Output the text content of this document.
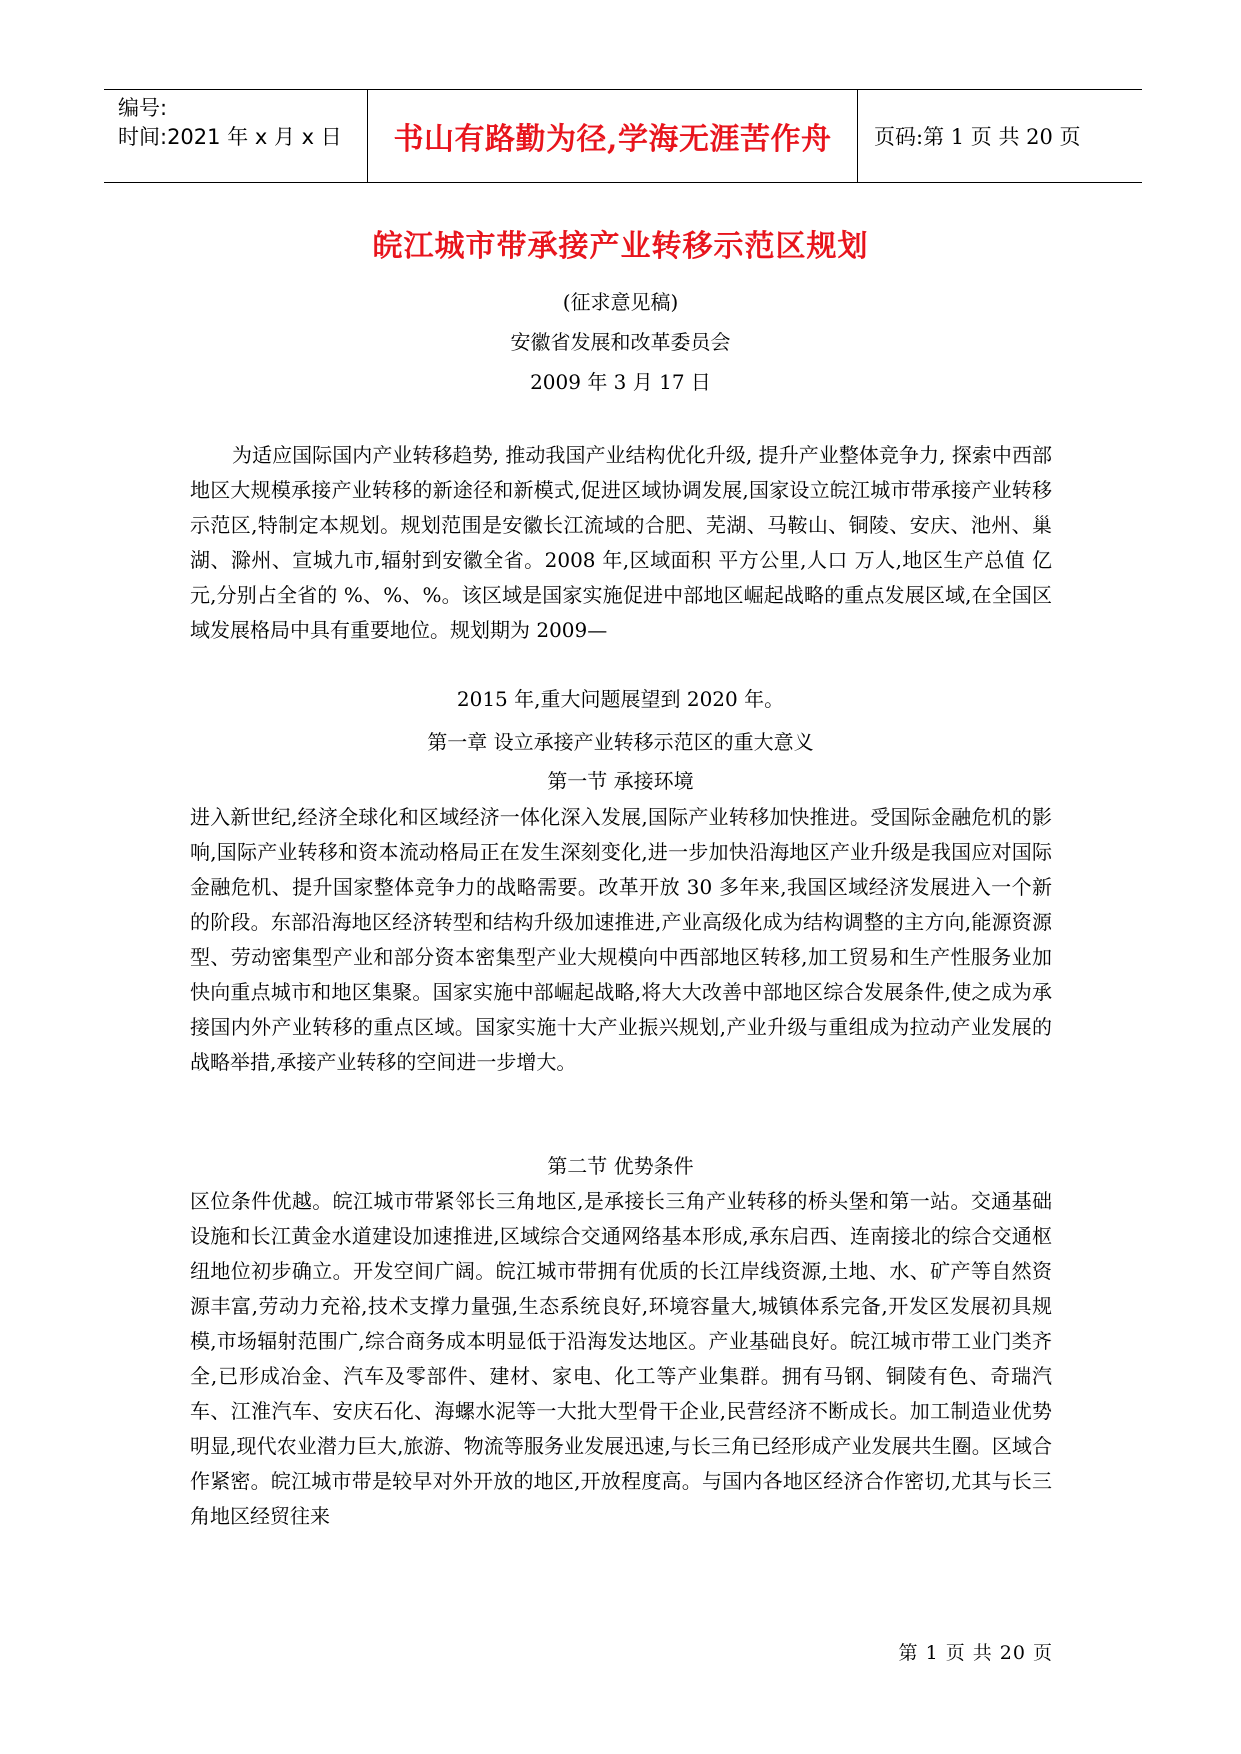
编号:
时间:2021 年 x 月 x 日	书山有路勤为径,学海无涯苦作舟 页码:第 1 页 共 20 页
皖江城市带承接产业转移示范区规划
(征求意见稿)
安徽省发展和改革委员会
2009 年 3 月 17 日

为适应国际国内产业转移趋势, 推动我国产业结构优化升级, 提升产业整体竞争力, 探索中西部地区大规模承接产业转移的新途径和新模式,促进区域协调发展,国家设立皖江城市带承接产业转移示范区,特制定本规划。规划范围是安徽长江流域的合肥、芜湖、马鞍山、铜陵、安庆、池州、巢湖、滁州、宣城九市,辐射到安徽全省。2008 年,区域面积 平方公里,人口 万人,地区生产总值 亿元,分别占全省的 %、%、%。该区域是国家实施促进中部地区崛起战略的重点发展区域,在全国区域发展格局中具有重要地位。规划期为 2009—

2015 年,重大问题展望到 2020 年。
第一章 设立承接产业转移示范区的重大意义
第一节 承接环境

进入新世纪,经济全球化和区域经济一体化深入发展,国际产业转移加快推进。受国际金融危机的影响,国际产业转移和资本流动格局正在发生深刻变化,进一步加快沿海地区产业升级是我国应对国际金融危机、提升国家整体竞争力的战略需要。改革开放 30 多年来,我国区域经济发展进入一个新的阶段。东部沿海地区经济转型和结构升级加速推进,产业高级化成为结构调整的主方向,能源资源型、劳动密集型产业和部分资本密集型产业大规模向中西部地区转移,加工贸易和生产性服务业加快向重点城市和地区集聚。国家实施中部崛起战略,将大大改善中部地区综合发展条件,使之成为承接国内外产业转移的重点区域。国家实施十大产业振兴规划,产业升级与重组成为拉动产业发展的战略举措,承接产业转移的空间进一步增大。

第二节 优势条件

区位条件优越。皖江城市带紧邻长三角地区,是承接长三角产业转移的桥头堡和第一站。交通基础设施和长江黄金水道建设加速推进,区域综合交通网络基本形成,承东启西、连南接北的综合交通枢纽地位初步确立。开发空间广阔。皖江城市带拥有优质的长江岸线资源,土地、水、矿产等自然资源丰富,劳动力充裕,技术支撑力量强,生态系统良好,环境容量大,城镇体系完备,开发区发展初具规模,市场辐射范围广,综合商务成本明显低于沿海发达地区。产业基础良好。皖江城市带工业门类齐全,已形成冶金、汽车及零部件、建材、家电、化工等产业集群。拥有马钢、铜陵有色、奇瑞汽车、江淮汽车、安庆石化、海螺水泥等一大批大型骨干企业,民营经济不断成长。加工制造业优势明显,现代农业潜力巨大,旅游、物流等服务业发展迅速,与长三角已经形成产业发展共生圈。区域合作紧密。皖江城市带是较早对外开放的地区,开放程度高。与国内各地区经济合作密切,尤其与长三角地区经贸往来

第 1 页 共 20 页
